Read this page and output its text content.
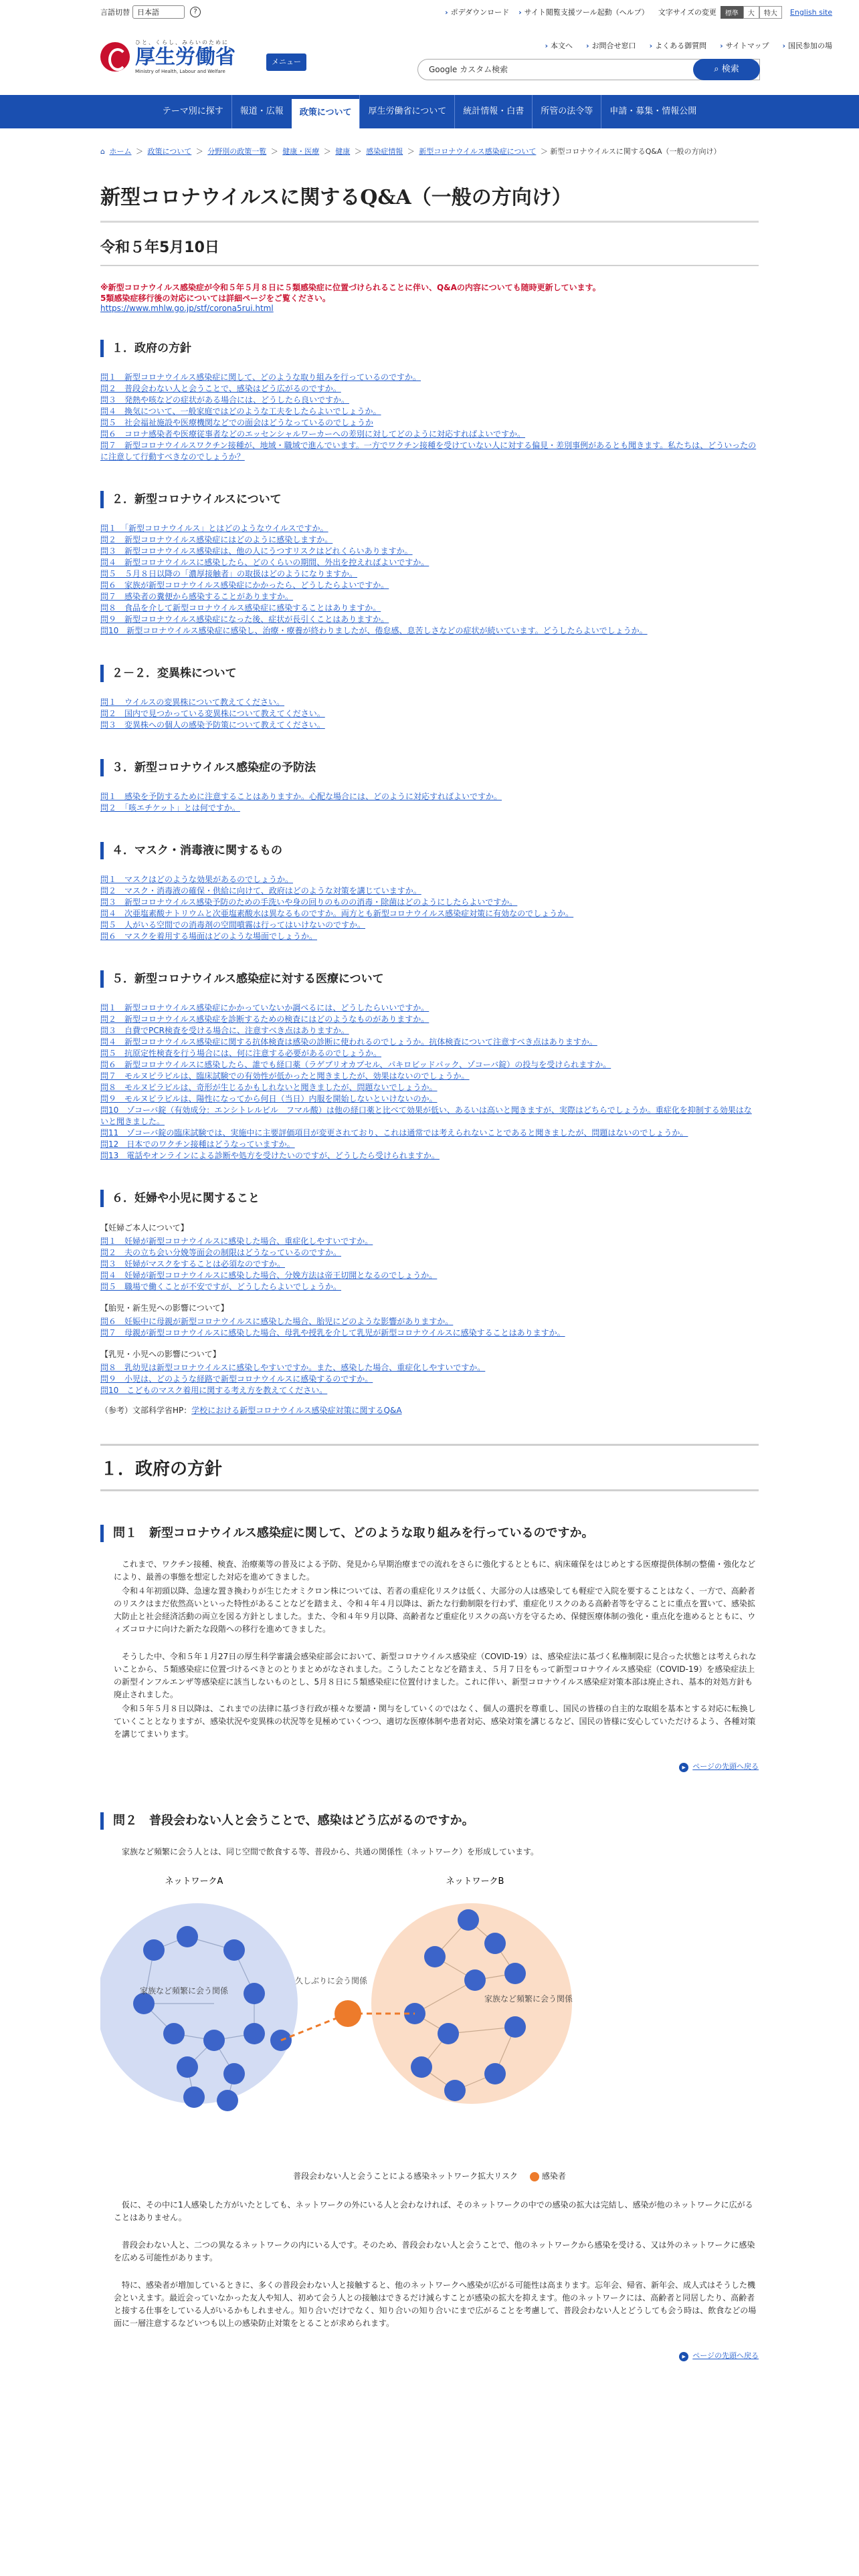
言語切替	日本語	?	› ポデダウンロード	› サイト閲覧支援ツール起動（ヘルプ） 文字サイズの変更	標準	大	特大	English site
ひと、くらし、みらいのために
厚生労働省
Ministry of Health, Labour and Welfare
メニュー
› 本文へ	› お問合せ窓口	› よくある御質問	› サイトマップ	› 国民参加の場
Google カスタム検索	⌕ 検索
テーマ別に探す	報道・広報	政策について	厚生労働省について	統計情報・白書	所管の法令等	申請・募集・情報公開
⌂ ホーム ＞ 政策について ＞ 分野別の政策一覧 ＞ 健康・医療 ＞ 健康 ＞ 感染症情報 ＞ 新型コロナウイルス感染症について ＞ 新型コロナウイルスに関するQ&A（一般の方向け）
新型コロナウイルスに関するQ&A（一般の方向け）
令和５年5月10日
※新型コロナウイルス感染症が令和５年５月８日に５類感染症に位置づけられることに伴い、Q&Aの内容についても随時更新しています。
5類感染症移行後の対応については詳細ページをご覧ください。
https://www.mhlw.go.jp/stf/corona5rui.html
１．政府の方針
問１　新型コロナウイルス感染症に関して、どのような取り組みを行っているのですか。
問２　普段会わない人と会うことで、感染はどう広がるのですか。
問３　発熱や咳などの症状がある場合には、どうしたら良いですか。
問４　換気について、一般家庭ではどのような工夫をしたらよいでしょうか。
問５　社会福祉施設や医療機関などでの面会はどうなっているのでしょうか
問６　コロナ感染者や医療従事者などのエッセンシャルワーカーへの差別に対してどのように対応すればよいですか。
問７　新型コロナウイルスワクチン接種が、地域・職域で進んでいます。一方でワクチン接種を受けていない人に対する偏見・差別事例があるとも聞きます。私たちは、どういったのに注意して行動すべきなのでしょうか？
２．新型コロナウイルスについて
問１　「新型コロナウイルス」とはどのようなウイルスですか。
問２　新型コロナウイルス感染症にはどのように感染しますか。
問３　新型コロナウイルス感染症は、他の人にうつすリスクはどれくらいありますか。
問４　新型コロナウイルスに感染したら、どのくらいの期間、外出を控えればよいですか。
問５　５月８日以降の「濃厚接触者」の取扱はどのようになりますか。
問６　家族が新型コロナウイルス感染症にかかったら、どうしたらよいですか。
問７　感染者の糞便から感染することがありますか。
問８　食品を介して新型コロナウイルス感染症に感染することはありますか。
問９　新型コロナウイルス感染症になった後、症状が長引くことはありますか。
問10　新型コロナウイルス感染症に感染し、治療・療養が終わりましたが、倦怠感、息苦しさなどの症状が続いています。どうしたらよいでしょうか。
２－２．変異株について
問１　ウイルスの変異株について教えてください。
問２　国内で見つかっている変異株について教えてください。
問３　変異株への個人の感染予防策について教えてください。
３．新型コロナウイルス感染症の予防法
問１　感染を予防するために注意することはありますか。心配な場合には、どのように対応すればよいですか。
問２　「咳エチケット」とは何ですか。
４．マスク・消毒液に関するもの
問１　マスクはどのような効果があるのでしょうか。
問２　マスク・消毒液の確保・供給に向けて、政府はどのような対策を講じていますか。
問３　新型コロナウイルス感染予防のための手洗いや身の回りのものの消毒・除菌はどのようにしたらよいですか。
問４　次亜塩素酸ナトリウムと次亜塩素酸水は異なるものですか。両方とも新型コロナウイルス感染症対策に有効なのでしょうか。
問５　人がいる空間での消毒剤の空間噴霧は行ってはいけないのですか。
問６　マスクを着用する場面はどのような場面でしょうか。
５．新型コロナウイルス感染症に対する医療について
問１　新型コロナウイルス感染症にかかっていないか調べるには、どうしたらいいですか。
問２　新型コロナウイルス感染症を診断するための検査にはどのようなものがありますか。
問３　自費でPCR検査を受ける場合に、注意すべき点はありますか。
問４　新型コロナウイルス感染症に関する抗体検査は感染の診断に使われるのでしょうか。抗体検査について注意すべき点はありますか。
問５　抗原定性検査を行う場合には、何に注意する必要があるのでしょうか。
問６　新型コロナウイルスに感染したら、誰でも経口薬（ラゲブリオカプセル、パキロビッドパック、ゾコーバ錠）の投与を受けられますか。
問７　モルヌピラビルは、臨床試験での有効性が低かったと聞きましたが、効果はないのでしょうか。
問８　モルヌピラビルは、奇形が生じるかもしれないと聞きましたが、問題ないでしょうか。
問９　モルヌピラビルは、陽性になってから何日（当日）内服を開始しないといけないのか。
問10　ゾコーバ錠（有効成分：エンシトレルビル　フマル酸）は他の経口薬と比べて効果が低い、あるいは高いと聞きますが、実際はどちらでしょうか。重症化を抑制する効果はないと聞きました。
問11　ゾコーバ錠の臨床試験では、実施中に主要評価項目が変更されており、これは通常では考えられないことであると聞きましたが、問題はないのでしょうか。
問12　日本でのワクチン接種はどうなっていますか。
問13　電話やオンラインによる診断や処方を受けたいのですが、どうしたら受けられますか。
６．妊婦や小児に関すること
【妊婦ご本人について】
問１　妊婦が新型コロナウイルスに感染した場合、重症化しやすいですか。
問２　夫の立ち会い分娩等面会の制限はどうなっているのですか。
問３　妊婦がマスクをすることは必須なのですか。
問４　妊婦が新型コロナウイルスに感染した場合、分娩方法は帝王切開となるのでしょうか。
問５　職場で働くことが不安ですが、どうしたらよいでしょうか。
【胎児・新生児への影響について】
問６　妊娠中に母親が新型コロナウイルスに感染した場合、胎児にどのような影響がありますか。
問７　母親が新型コロナウイルスに感染した場合、母乳や授乳を介して乳児が新型コロナウイルスに感染することはありますか。
【乳児・小児への影響について】
問８　乳幼児は新型コロナウイルスに感染しやすいですか。また、感染した場合、重症化しやすいですか。
問９　小児は、どのような経路で新型コロナウイルスに感染するのですか。
問10　こどものマスク着用に関する考え方を教えてください。
（参考）文部科学省HP：学校における新型コロナウイルス感染症対策に関するQ&A
１．政府の方針
問１　新型コロナウイルス感染症に関して、どのような取り組みを行っているのですか。

これまで、ワクチン接種、検査、治療薬等の普及による予防、発見から早期治療までの流れをさらに強化するとともに、病床確保をはじめとする医療提供体制の整備・強化などにより、最善の事態を想定した対応を進めてきました。

令和４年初頭以降、急速な置き換わりが生じたオミクロン株については、若者の重症化リスクは低く、大部分の人は感染しても軽症で入院を要することはなく、一方で、高齢者のリスクはまだ依然高いといった特性があることなどを踏まえ、令和４年４月以降は、新たな行動制限を行わず、重症化リスクのある高齢者等を守ることに重点を置いて、感染拡大防止と社会経済活動の両立を図る方針としました。また、令和４年９月以降、高齢者など重症化リスクの高い方を守るため、保健医療体制の強化・重点化を進めるとともに、ウィズコロナに向けた新たな段階への移行を進めてきました。

そうした中、令和５年１月27日の厚生科学審議会感染症部会において、新型コロナウイルス感染症（COVID-19）は、感染症法に基づく私権制限に見合った状態とは考えられないことから、５類感染症に位置づけるべきとのとりまとめがなされました。こうしたことなどを踏まえ、５月７日をもって新型コロナウイルス感染症（COVID-19）を感染症法上の新型インフルエンザ等感染症に該当しないものとし、5月８日に５類感染症に位置付けました。これに伴い、新型コロナウイルス感染症対策本部は廃止され、基本的対処方針も廃止されました。

令和５年５月８日以降は、これまでの法律に基づき行政が様々な要請・関与をしていくのではなく、個人の選択を尊重し、国民の皆様の自主的な取組を基本とする対応に転換していくこととなりますが、感染状況や変異株の状況等を見極めていくつつ、適切な医療体制や患者対応、感染対策を講じるなど、国民の皆様に安心していただけるよう、各種対策を講じてまいります。

▶ ページの先頭へ戻る
問２　普段会わない人と会うことで、感染はどう広がるのですか。

家族など頻繁に会う人とは、同じ空間で飲食する等、普段から、共通の関係性（ネットワーク）を形成しています。

ネットワークA	ネットワークB
家族など頻繁に会う関係
家族など頻繁に会う関係
久しぶりに会う関係
普段会わない人と会うことによる感染ネットワーク拡大リスク	感染者

仮に、その中に1人感染した方がいたとしても、ネットワークの外にいる人と会わなければ、そのネットワークの中での感染の拡大は完結し、感染が他のネットワークに広がることはありません。

普段会わない人と、二つの異なるネットワークの内にいる人です。そのため、普段会わない人と会うことで、他のネットワークから感染を受ける、又は外のネットワークに感染を広める可能性があります。

特に、感染者が増加しているときに、多くの普段会わない人と接触すると、他のネットワークへ感染が広がる可能性は高まります。忘年会、帰省、新年会、成人式はそうした機会といえます。最近会っていなかった友人や知人、初めて会う人との接触はできるだけ減らすことが感染の拡大を抑えます。他のネットワークには、高齢者と同居したり、高齢者と接する仕事をしている人がいるかもしれません。知り合いだけでなく、知り合いの知り合いにまで広がることを考慮して、普段会わない人とどうしても会う時は、飲食などの場面に一層注意するなどいつも以上の感染防止対策をとることが求められます。

▶ ページの先頭へ戻る
